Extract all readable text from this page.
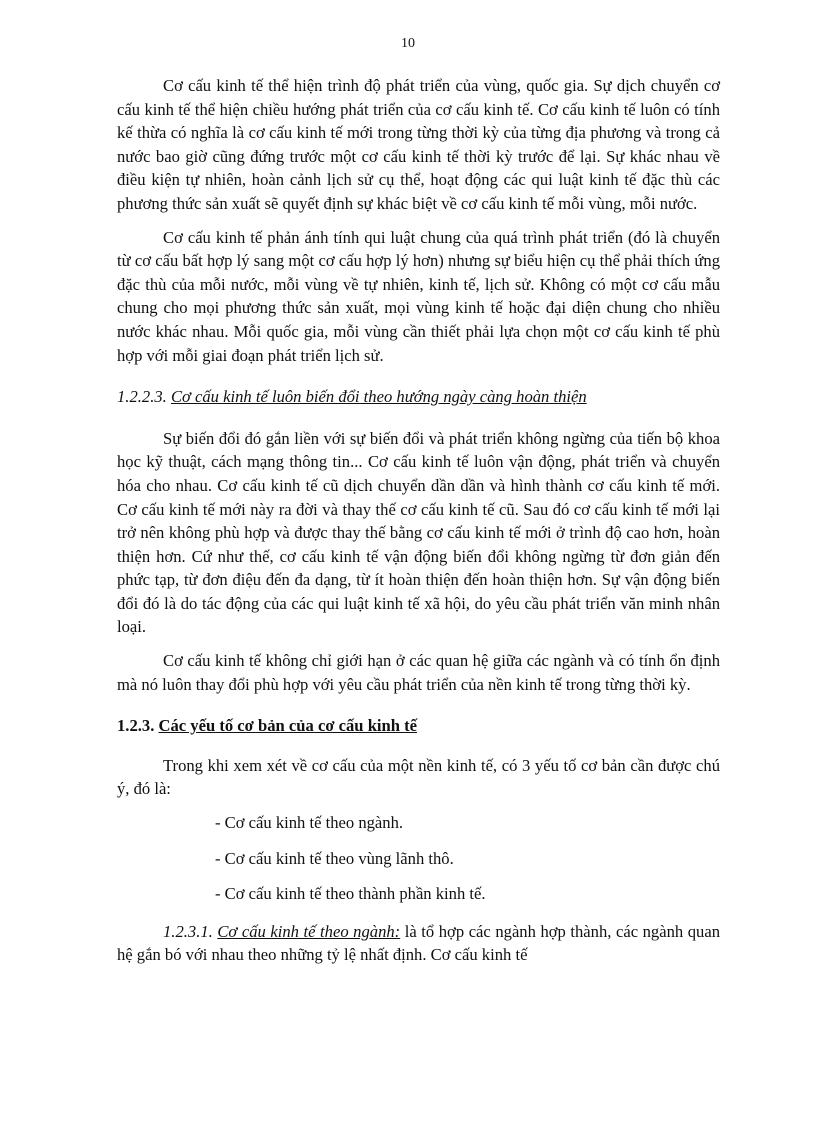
10

Cơ cấu kinh tế thể hiện trình độ phát triển của vùng, quốc gia. Sự dịch chuyển cơ cấu kinh tế thể hiện chiều hướng phát triển của cơ cấu kinh tế. Cơ cấu kinh tế luôn có tính kế thừa có nghĩa là cơ cấu kinh tế mới trong từng thời kỳ của từng địa phương và trong cả nước bao giờ cũng đứng trước một cơ cấu kinh tế thời kỳ trước để lại. Sự khác nhau về điều kiện tự nhiên, hoàn cảnh lịch sử cụ thể, hoạt động các qui luật kinh tế đặc thù các phương thức sản xuất sẽ quyết định sự khác biệt về cơ cấu kinh tế mỗi vùng, mỗi nước.

Cơ cấu kinh tế phản ánh tính qui luật chung của quá trình phát triển (đó là chuyển từ cơ cấu bất hợp lý sang một cơ cấu hợp lý hơn) nhưng sự biểu hiện cụ thể phải thích ứng đặc thù của mỗi nước, mỗi vùng về tự nhiên, kinh tế, lịch sử. Không có một cơ cấu mẫu chung cho mọi phương thức sản xuất, mọi vùng kinh tế hoặc đại diện chung cho nhiều nước khác nhau. Mỗi quốc gia, mỗi vùng cần thiết phải lựa chọn một cơ cấu kinh tế phù hợp với mỗi giai đoạn phát triển lịch sử.

1.2.2.3. Cơ cấu kinh tế luôn biến đổi theo hướng ngày càng hoàn thiện

Sự biến đổi đó gắn liền với sự biến đổi và phát triển không ngừng của tiến bộ khoa học kỹ thuật, cách mạng thông tin... Cơ cấu kinh tế luôn vận động, phát triển và chuyển hóa cho nhau. Cơ cấu kinh tế cũ dịch chuyển dần dần và hình thành cơ cấu kinh tế mới. Cơ cấu kinh tế mới này ra đời và thay thế cơ cấu kinh tế cũ. Sau đó cơ cấu kinh tế mới lại trở nên không phù hợp và được thay thế bằng cơ cấu kinh tế mới ở trình độ cao hơn, hoàn thiện hơn. Cứ như thế, cơ cấu kinh tế vận động biến đổi không ngừng từ đơn giản đến phức tạp, từ đơn điệu đến đa dạng, từ ít hoàn thiện đến hoàn thiện hơn. Sự vận động biến đổi đó là do tác động của các qui luật kinh tế xã hội, do yêu cầu phát triển văn minh nhân loại.

Cơ cấu kinh tế không chỉ giới hạn ở các quan hệ giữa các ngành và có tính ổn định mà nó luôn thay đổi phù hợp với yêu cầu phát triển của nền kinh tế trong từng thời kỳ.

1.2.3. Các yếu tố cơ bản của cơ cấu kinh tế

Trong khi xem xét về cơ cấu của một nền kinh tế, có 3 yếu tố cơ bản cần được chú ý, đó là:

- Cơ cấu kinh tế theo ngành.
- Cơ cấu kinh tế theo vùng lãnh thô.
- Cơ cấu kinh tế theo thành phần kinh tế.

1.2.3.1. Cơ cấu kinh tế theo ngành: là tổ hợp các ngành hợp thành, các ngành quan hệ gắn bó với nhau theo những tỷ lệ nhất định. Cơ cấu kinh tế
